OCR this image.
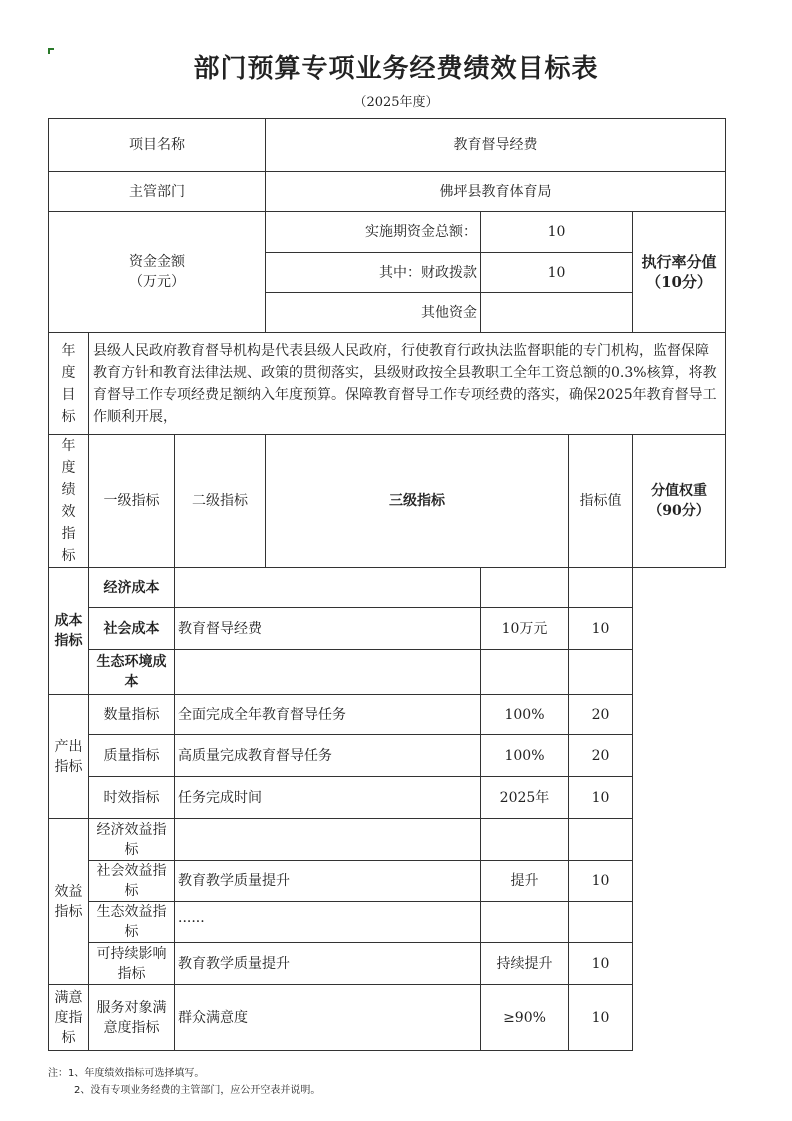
部门预算专项业务经费绩效目标表
（2025年度）
项目名称			教育督导经费			
主管部门			佛坪县教育体育局			
资金金额
（万元）			实施期资金总额：	10		执行率分值
（10分）
			其中：财政拨款	10		
			其他资金			
年度目标	县级人民政府教育督导机构是代表县级人民政府，行使教育行政执法监督职能的专门机构，监督保障教育方针和教育法律法规、政策的贯彻落实，县级财政按全县教职工全年工资总额的0.3%核算，将教育督导工作专项经费足额纳入年度预算。保障教育督导工作专项经费的落实，确保2025年教育督导工作顺利开展，					
年度绩效指标	一级指标	二级指标	三级指标		指标值	分值权重
（90分）
成本指标	经济成本					
	社会成本	教育督导经费		10万元	10	
	生态环境成本					
产出指标	数量指标	全面完成全年教育督导任务		100%	20	
	质量指标	高质量完成教育督导任务		100%	20	
	时效指标	任务完成时间		2025年	10	
效益指标	经济效益指标					
	社会效益指标	教育教学质量提升		提升	10	
	生态效益指标	······				
	可持续影响指标	教育教学质量提升		持续提升	10	
满意度指标	服务对象满意度指标	群众满意度		≥90%	10	
注：1、年度绩效指标可选择填写。
2、没有专项业务经费的主管部门，应公开空表并说明。
